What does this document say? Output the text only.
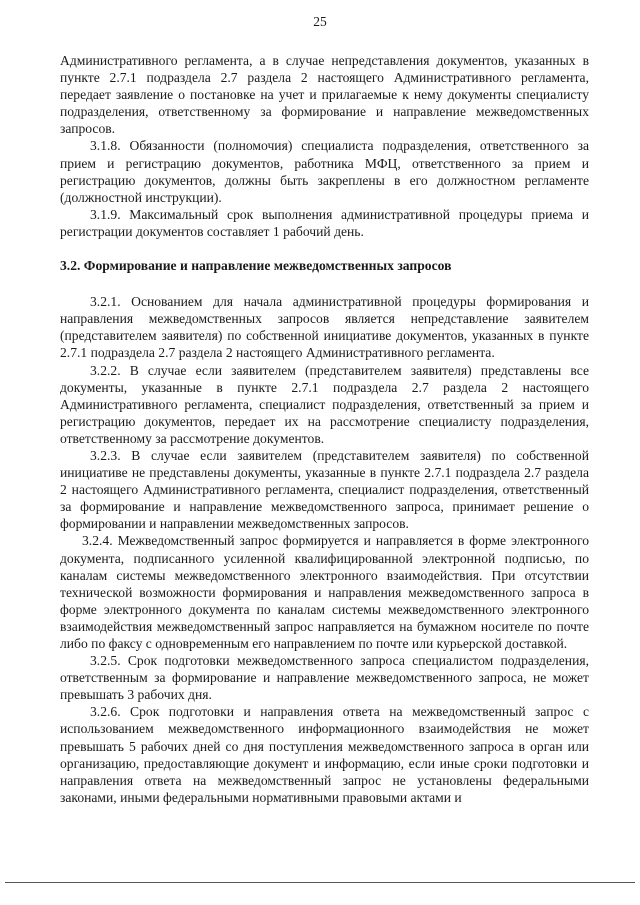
25

Административного регламента, а в случае непредставления документов, указанных в пункте 2.7.1 подраздела 2.7 раздела 2 настоящего Административного регламента, передает заявление о постановке на учет и прилагаемые к нему документы специалисту подразделения, ответственному за формирование и направление межведомственных запросов.

3.1.8. Обязанности (полномочия) специалиста подразделения, ответственного за прием и регистрацию документов, работника МФЦ, ответственного за прием и регистрацию документов, должны быть закреплены в его должностном регламенте (должностной инструкции).

3.1.9. Максимальный срок выполнения административной процедуры приема и регистрации документов составляет 1 рабочий день.

3.2. Формирование и направление межведомственных запросов

3.2.1. Основанием для начала административной процедуры формирования и направления межведомственных запросов является непредставление заявителем (представителем заявителя) по собственной инициативе документов, указанных в пункте 2.7.1 подраздела 2.7 раздела 2 настоящего Административного регламента.

3.2.2. В случае если заявителем (представителем заявителя) представлены все документы, указанные в пункте 2.7.1 подраздела 2.7 раздела 2 настоящего Административного регламента, специалист подразделения, ответственный за прием и регистрацию документов, передает их на рассмотрение специалисту подразделения, ответственному за рассмотрение документов.

3.2.3. В случае если заявителем (представителем заявителя) по собственной инициативе не представлены документы, указанные в пункте 2.7.1 подраздела 2.7 раздела 2 настоящего Административного регламента, специалист подразделения, ответственный за формирование и направление межведомственного запроса, принимает решение о формировании и направлении межведомственных запросов.

3.2.4. Межведомственный запрос формируется и направляется в форме электронного документа, подписанного усиленной квалифицированной электронной подписью, по каналам системы межведомственного электронного взаимодействия. При отсутствии технической возможности формирования и направления межведомственного запроса в форме электронного документа по каналам системы межведомственного электронного взаимодействия межведомственный запрос направляется на бумажном носителе по почте либо по факсу с одновременным его направлением по почте или курьерской доставкой.

3.2.5. Срок подготовки межведомственного запроса специалистом подразделения, ответственным за формирование и направление межведомственного запроса, не может превышать 3 рабочих дня.

3.2.6. Срок подготовки и направления ответа на межведомственный запрос с использованием межведомственного информационного взаимодействия не может превышать 5 рабочих дней со дня поступления межведомственного запроса в орган или организацию, предоставляющие документ и информацию, если иные сроки подготовки и направления ответа на межведомственный запрос не установлены федеральными законами, иными федеральными нормативными правовыми актами и
